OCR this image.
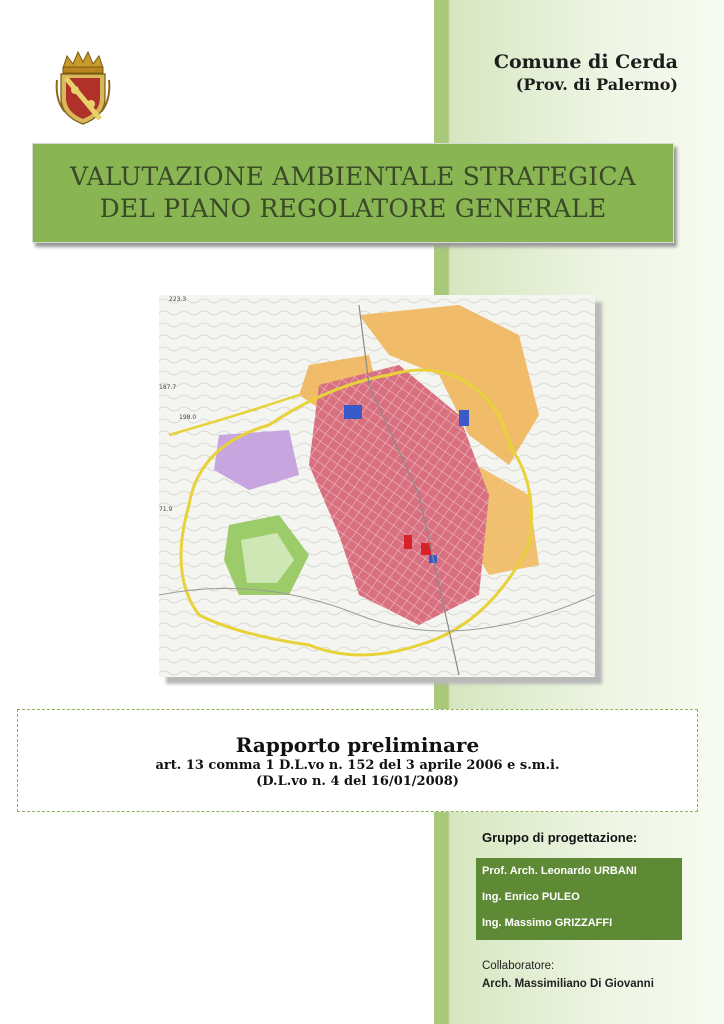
Comune di Cerda
(Prov. di Palermo)
VALUTAZIONE AMBIENTALE STRATEGICA
DEL PIANO REGOLATORE GENERALE
223.3
187.7
198.0
71.9
Rapporto preliminare
art. 13 comma 1 D.L.vo n. 152 del 3 aprile 2006 e s.m.i.
(D.L.vo n. 4 del 16/01/2008)
Gruppo di progettazione:
Prof. Arch. Leonardo URBANI
Ing. Enrico PULEO
Ing. Massimo GRIZZAFFI
Collaboratore:
Arch. Massimiliano Di Giovanni
